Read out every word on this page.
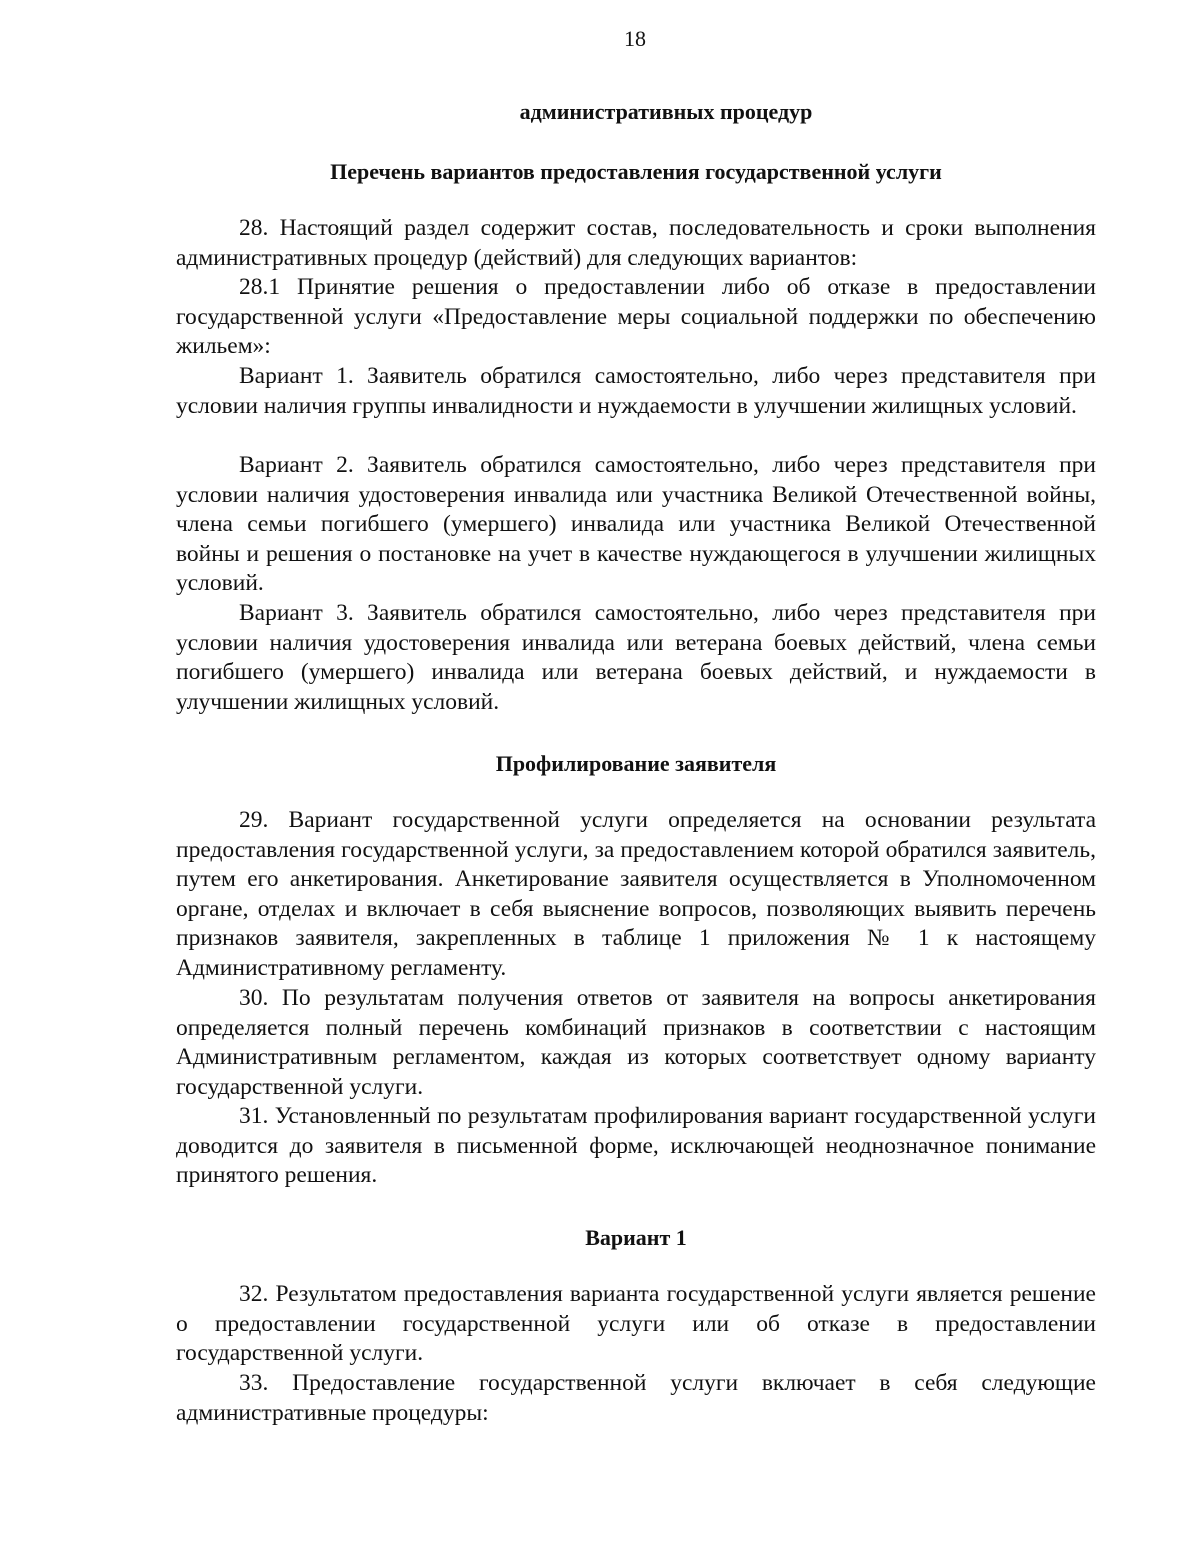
18
административных процедур
Перечень вариантов предоставления государственной услуги

28. Настоящий раздел содержит состав, последовательность и сроки выполнения административных процедур (действий) для следующих вариантов:

28.1 Принятие решения о предоставлении либо об отказе в предоставлении государственной услуги «Предоставление меры социальной поддержки по обеспечению жильем»:

Вариант 1. Заявитель обратился самостоятельно, либо через представителя при условии наличия группы инвалидности и нуждаемости в улучшении жилищных условий.

Вариант 2. Заявитель обратился самостоятельно, либо через представителя при условии наличия удостоверения инвалида или участника Великой Отечественной войны, члена семьи погибшего (умершего) инвалида или участника Великой Отечественной войны и решения о постановке на учет в качестве нуждающегося в улучшении жилищных условий.

Вариант 3. Заявитель обратился самостоятельно, либо через представителя при условии наличия удостоверения инвалида или ветерана боевых действий, члена семьи погибшего (умершего) инвалида или ветерана боевых действий, и нуждаемости в улучшении жилищных условий.

Профилирование заявителя

29. Вариант государственной услуги определяется на основании результата предоставления государственной услуги, за предоставлением которой обратился заявитель, путем его анкетирования. Анкетирование заявителя осуществляется в Уполномоченном органе, отделах и включает в себя выяснение вопросов, позволяющих выявить перечень признаков заявителя, закрепленных в таблице 1 приложения № 1 к настоящему Административному регламенту.

30. По результатам получения ответов от заявителя на вопросы анкетирования определяется полный перечень комбинаций признаков в соответствии с настоящим Административным регламентом, каждая из которых соответствует одному варианту государственной услуги.

31. Установленный по результатам профилирования вариант государственной услуги доводится до заявителя в письменной форме, исключающей неоднозначное понимание принятого решения.

Вариант 1

32. Результатом предоставления варианта государственной услуги является решение о предоставлении государственной услуги или об отказе в предоставлении государственной услуги.

33. Предоставление государственной услуги включает в себя следующие административные процедуры:
